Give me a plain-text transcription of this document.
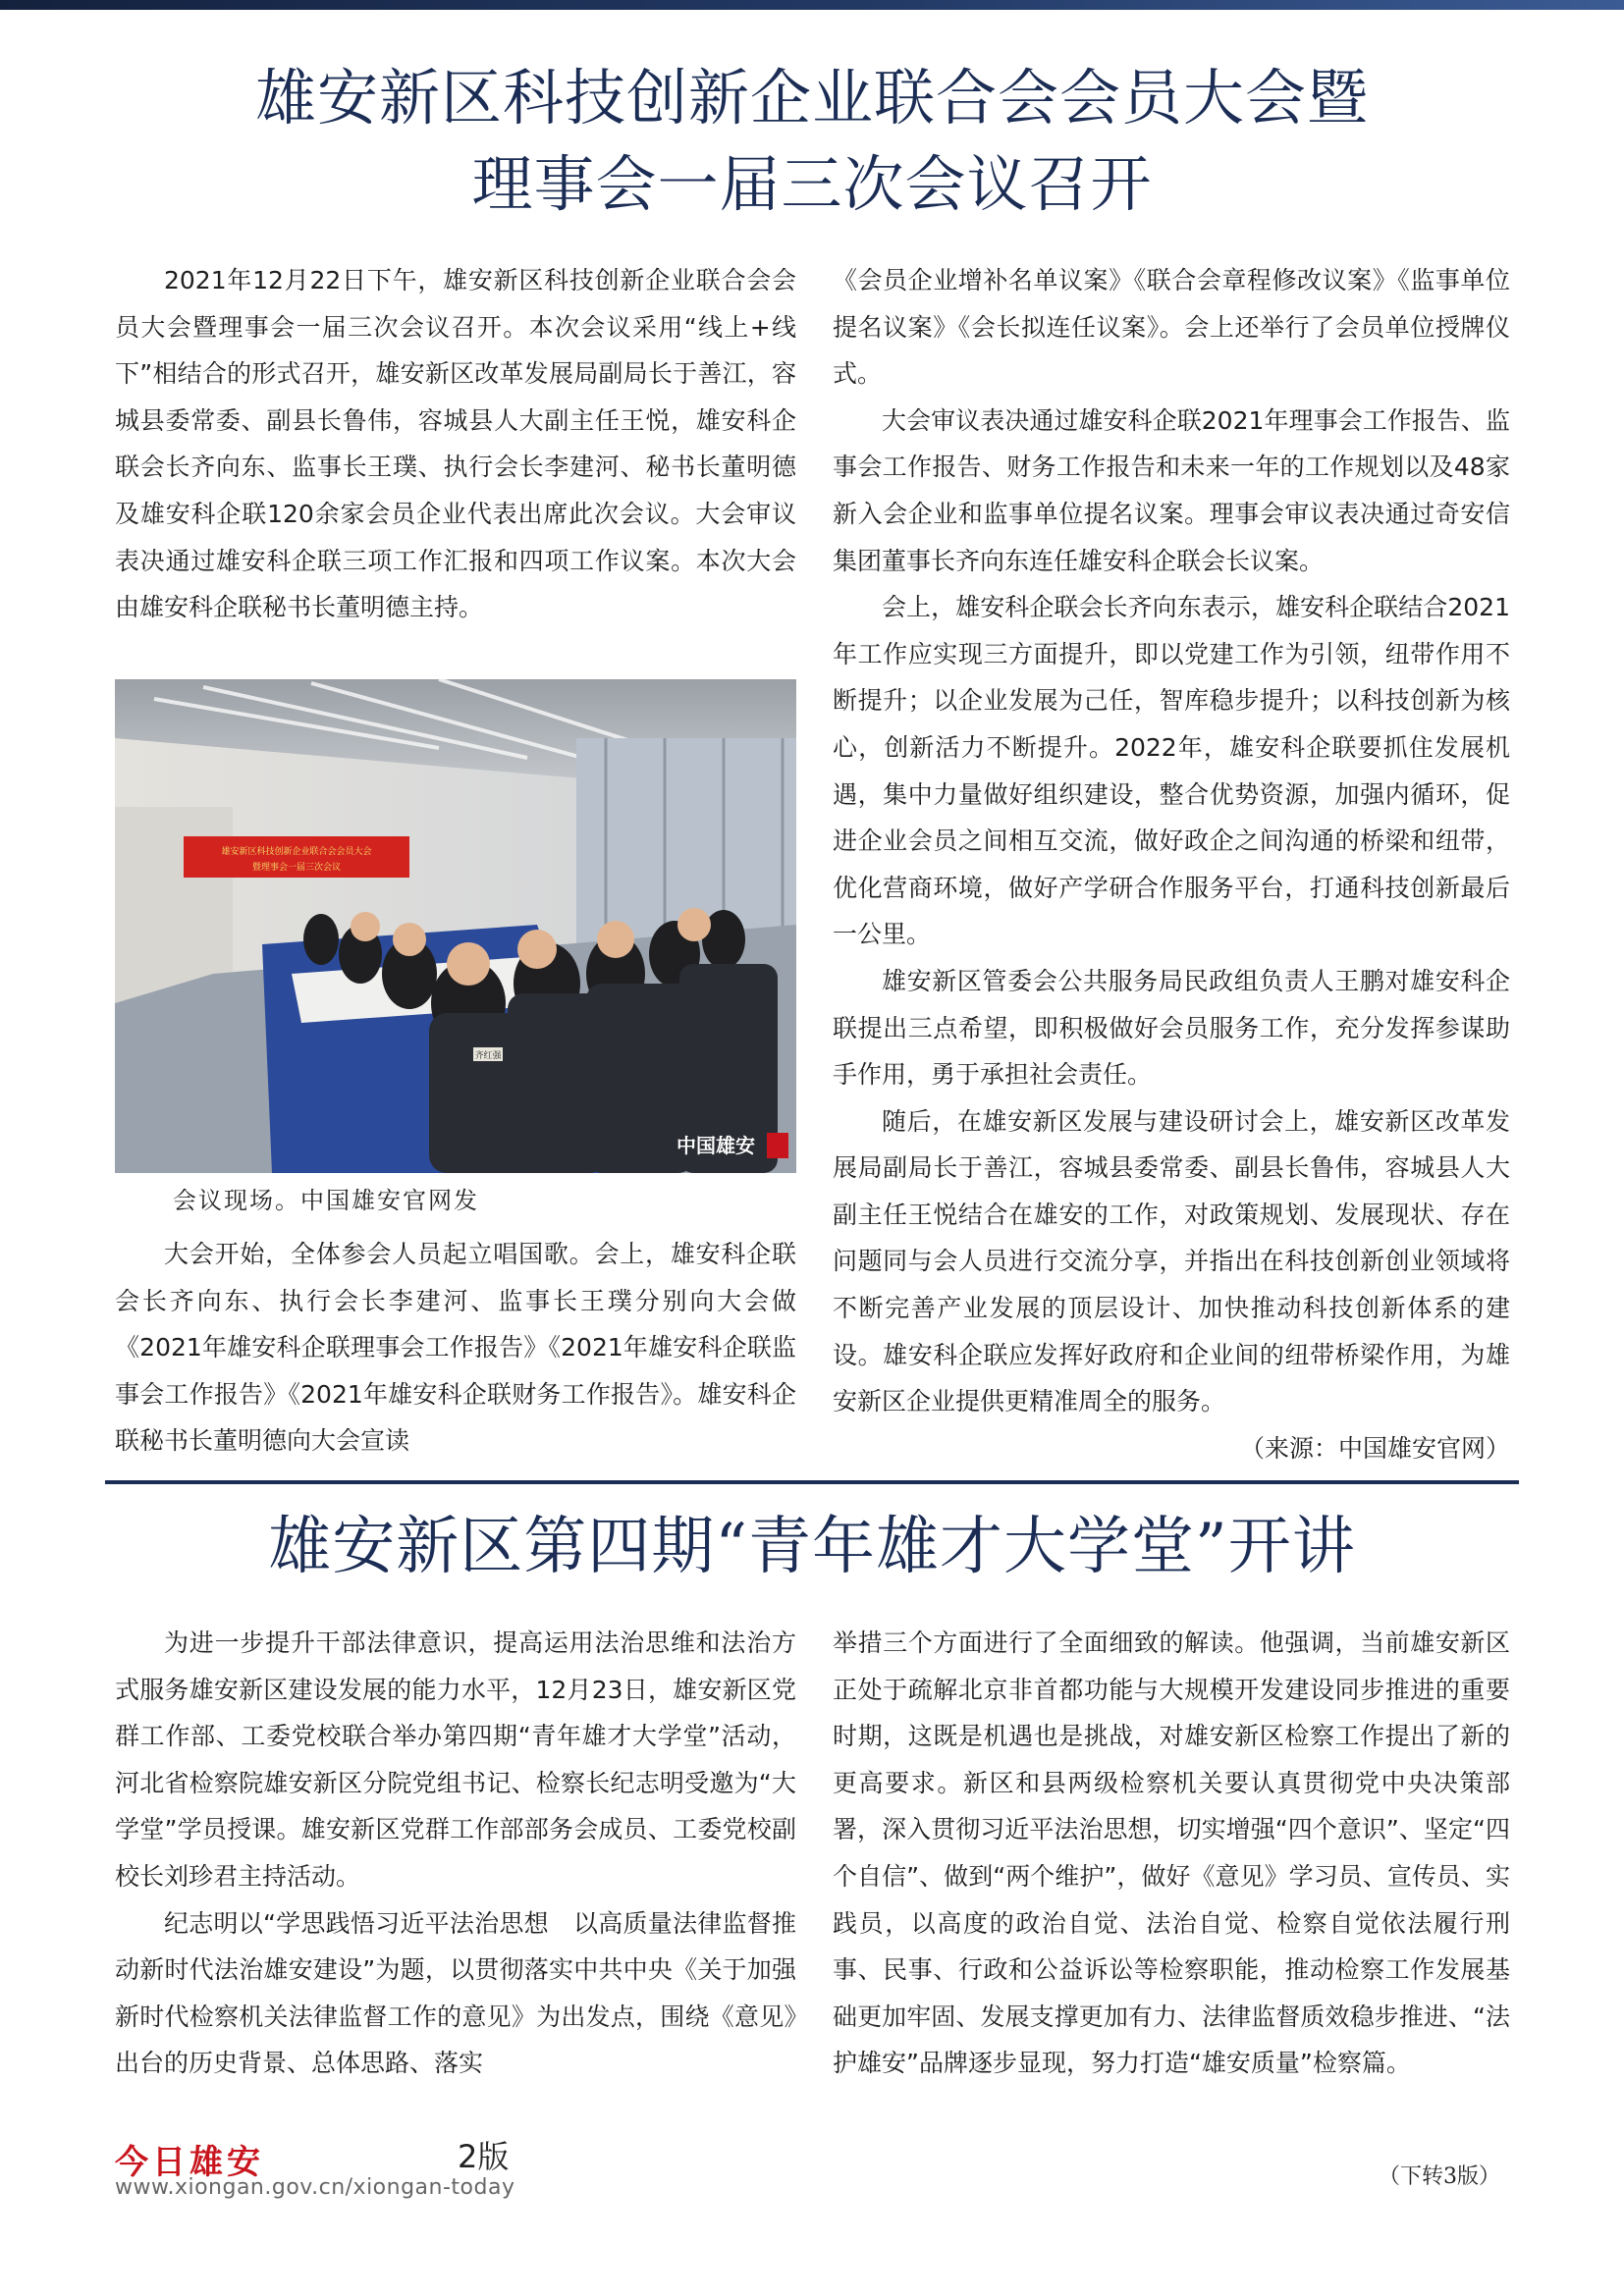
雄安新区科技创新企业联合会会员大会暨
理事会一届三次会议召开

2021年12月22日下午，雄安新区科技创新企业联合会会员大会暨理事会一届三次会议召开。本次会议采用“线上+线下”相结合的形式召开，雄安新区改革发展局副局长于善江，容城县委常委、副县长鲁伟，容城县人大副主任王悦，雄安科企联会长齐向东、监事长王璞、执行会长李建河、秘书长董明德及雄安科企联120余家会员企业代表出席此次会议。大会审议表决通过雄安科企联三项工作汇报和四项工作议案。本次大会由雄安科企联秘书长董明德主持。

雄安新区科技创新企业联合会会员大会
暨理事会一届三次会议
齐红强
中国雄安
会议现场。中国雄安官网发

大会开始，全体参会人员起立唱国歌。会上，雄安科企联会长齐向东、执行会长李建河、监事长王璞分别向大会做《2021年雄安科企联理事会工作报告》《2021年雄安科企联监事会工作报告》《2021年雄安科企联财务工作报告》。雄安科企联秘书长董明德向大会宣读

《会员企业增补名单议案》《联合会章程修改议案》《监事单位提名议案》《会长拟连任议案》。会上还举行了会员单位授牌仪式。

大会审议表决通过雄安科企联2021年理事会工作报告、监事会工作报告、财务工作报告和未来一年的工作规划以及48家新入会企业和监事单位提名议案。理事会审议表决通过奇安信集团董事长齐向东连任雄安科企联会长议案。

会上，雄安科企联会长齐向东表示，雄安科企联结合2021年工作应实现三方面提升，即以党建工作为引领，纽带作用不断提升；以企业发展为己任，智库稳步提升；以科技创新为核心，创新活力不断提升。2022年，雄安科企联要抓住发展机遇，集中力量做好组织建设，整合优势资源，加强内循环，促进企业会员之间相互交流，做好政企之间沟通的桥梁和纽带，优化营商环境，做好产学研合作服务平台，打通科技创新最后一公里。

雄安新区管委会公共服务局民政组负责人王鹏对雄安科企联提出三点希望，即积极做好会员服务工作，充分发挥参谋助手作用，勇于承担社会责任。

随后，在雄安新区发展与建设研讨会上，雄安新区改革发展局副局长于善江，容城县委常委、副县长鲁伟，容城县人大副主任王悦结合在雄安的工作，对政策规划、发展现状、存在问题同与会人员进行交流分享，并指出在科技创新创业领域将不断完善产业发展的顶层设计、加快推动科技创新体系的建设。雄安科企联应发挥好政府和企业间的纽带桥梁作用，为雄安新区企业提供更精准周全的服务。

（来源：中国雄安官网）
雄安新区第四期“青年雄才大学堂”开讲

为进一步提升干部法律意识，提高运用法治思维和法治方式服务雄安新区建设发展的能力水平，12月23日，雄安新区党群工作部、工委党校联合举办第四期“青年雄才大学堂”活动，河北省检察院雄安新区分院党组书记、检察长纪志明受邀为“大学堂”学员授课。雄安新区党群工作部部务会成员、工委党校副校长刘珍君主持活动。

纪志明以“学思践悟习近平法治思想　以高质量法律监督推动新时代法治雄安建设”为题，以贯彻落实中共中央《关于加强新时代检察机关法律监督工作的意见》为出发点，围绕《意见》出台的历史背景、总体思路、落实

举措三个方面进行了全面细致的解读。他强调，当前雄安新区正处于疏解北京非首都功能与大规模开发建设同步推进的重要时期，这既是机遇也是挑战，对雄安新区检察工作提出了新的更高要求。新区和县两级检察机关要认真贯彻党中央决策部署，深入贯彻习近平法治思想，切实增强“四个意识”、坚定“四个自信”、做到“两个维护”，做好《意见》学习员、宣传员、实践员，以高度的政治自觉、法治自觉、检察自觉依法履行刑事、民事、行政和公益诉讼等检察职能，推动检察工作发展基础更加牢固、发展支撑更加有力、法律监督质效稳步推进、“法护雄安”品牌逐步显现，努力打造“雄安质量”检察篇。

今日雄安	2版
www.xiongan.gov.cn/xiongan-today	（下转3版）
